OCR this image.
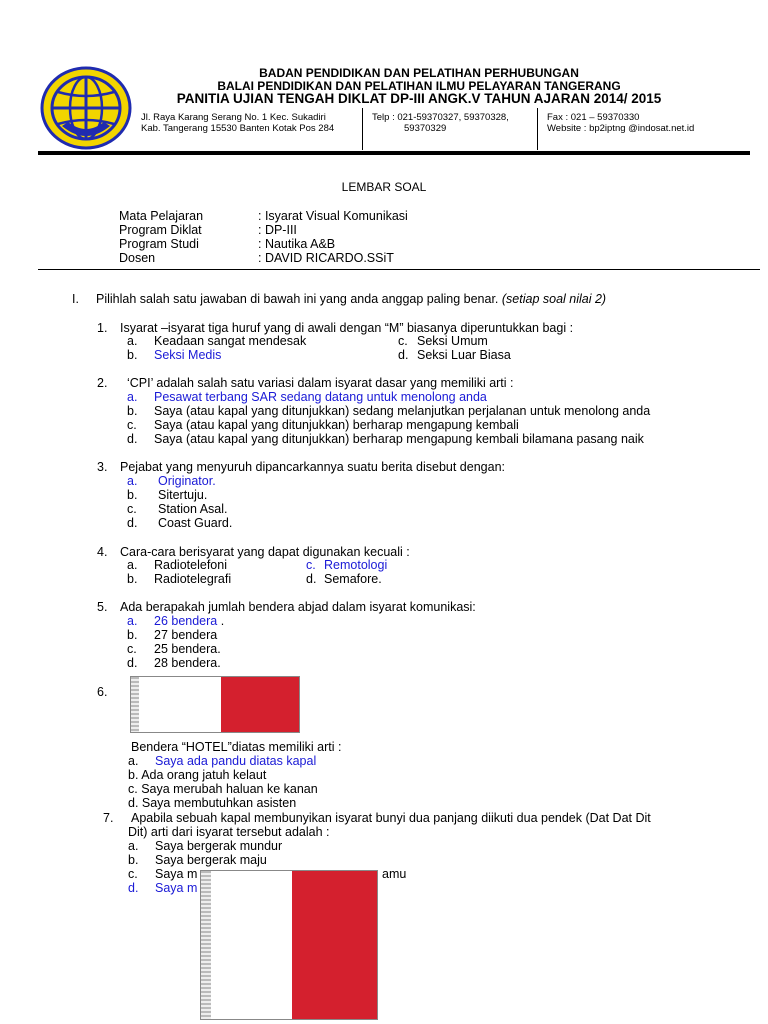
BADAN PENDIDIKAN DAN PELATIHAN PERHUBUNGAN
BALAI PENDIDIKAN DAN PELATIHAN ILMU PELAYARAN TANGERANG
PANITIA UJIAN TENGAH DIKLAT DP-III ANGK.V TAHUN AJARAN 2014/ 2015
Jl. Raya Karang Serang No. 1 Kec. Sukadiri
Kab. Tangerang 15530 Banten Kotak Pos 284
Telp : 021-59370327, 59370328,
59370329
Fax : 021 – 59370330
Website : bp2iptng @indosat.net.id
LEMBAR SOAL
Mata Pelajaran	: Isyarat Visual Komunikasi
Program Diklat	: DP-III
Program Studi	: Nautika A&B
Dosen	: DAVID RICARDO.SSiT
I. Pilihlah salah satu jawaban di bawah ini yang anda anggap paling benar. (setiap soal nilai 2)
1. Isyarat –isyarat tiga huruf yang di awali dengan “M” biasanya diperuntukkan bagi :
a. Keadaan sangat mendesak	c. Seksi Umum
b. Seksi Medis	d. Seksi Luar Biasa
2. ‘CPI’ adalah salah satu variasi dalam isyarat dasar yang memiliki arti :
a. Pesawat terbang SAR sedang datang untuk menolong anda
b. Saya (atau kapal yang ditunjukkan) sedang melanjutkan perjalanan untuk menolong anda
c. Saya (atau kapal yang ditunjukkan) berharap mengapung kembali
d. Saya (atau kapal yang ditunjukkan) berharap mengapung kembali bilamana pasang naik
3. Pejabat yang menyuruh dipancarkannya suatu berita disebut dengan:
a. Originator.
b. Sitertuju.
c. Station Asal.
d. Coast Guard.
4. Cara-cara berisyarat yang dapat digunakan kecuali :
a. Radiotelefoni	c. Remotologi
b. Radiotelegrafi	d. Semafore.
5. Ada berapakah jumlah bendera abjad dalam isyarat komunikasi:
a. 26 bendera .
b. 27 bendera
c. 25 bendera.
d. 28 bendera.
6.
Bendera “HOTEL”diatas memiliki arti :
a. Saya ada pandu diatas kapal
b. Ada orang jatuh kelaut
c. Saya merubah haluan ke kanan
d. Saya membutuhkan asisten
7. Apabila sebuah kapal membunyikan isyarat bunyi dua panjang diikuti dua pendek (Dat Dat Dit
Dit) arti dari isyarat tersebut adalah :
a. Saya bergerak mundur
b. Saya bergerak maju
c. Saya m	amu
d. Saya m
